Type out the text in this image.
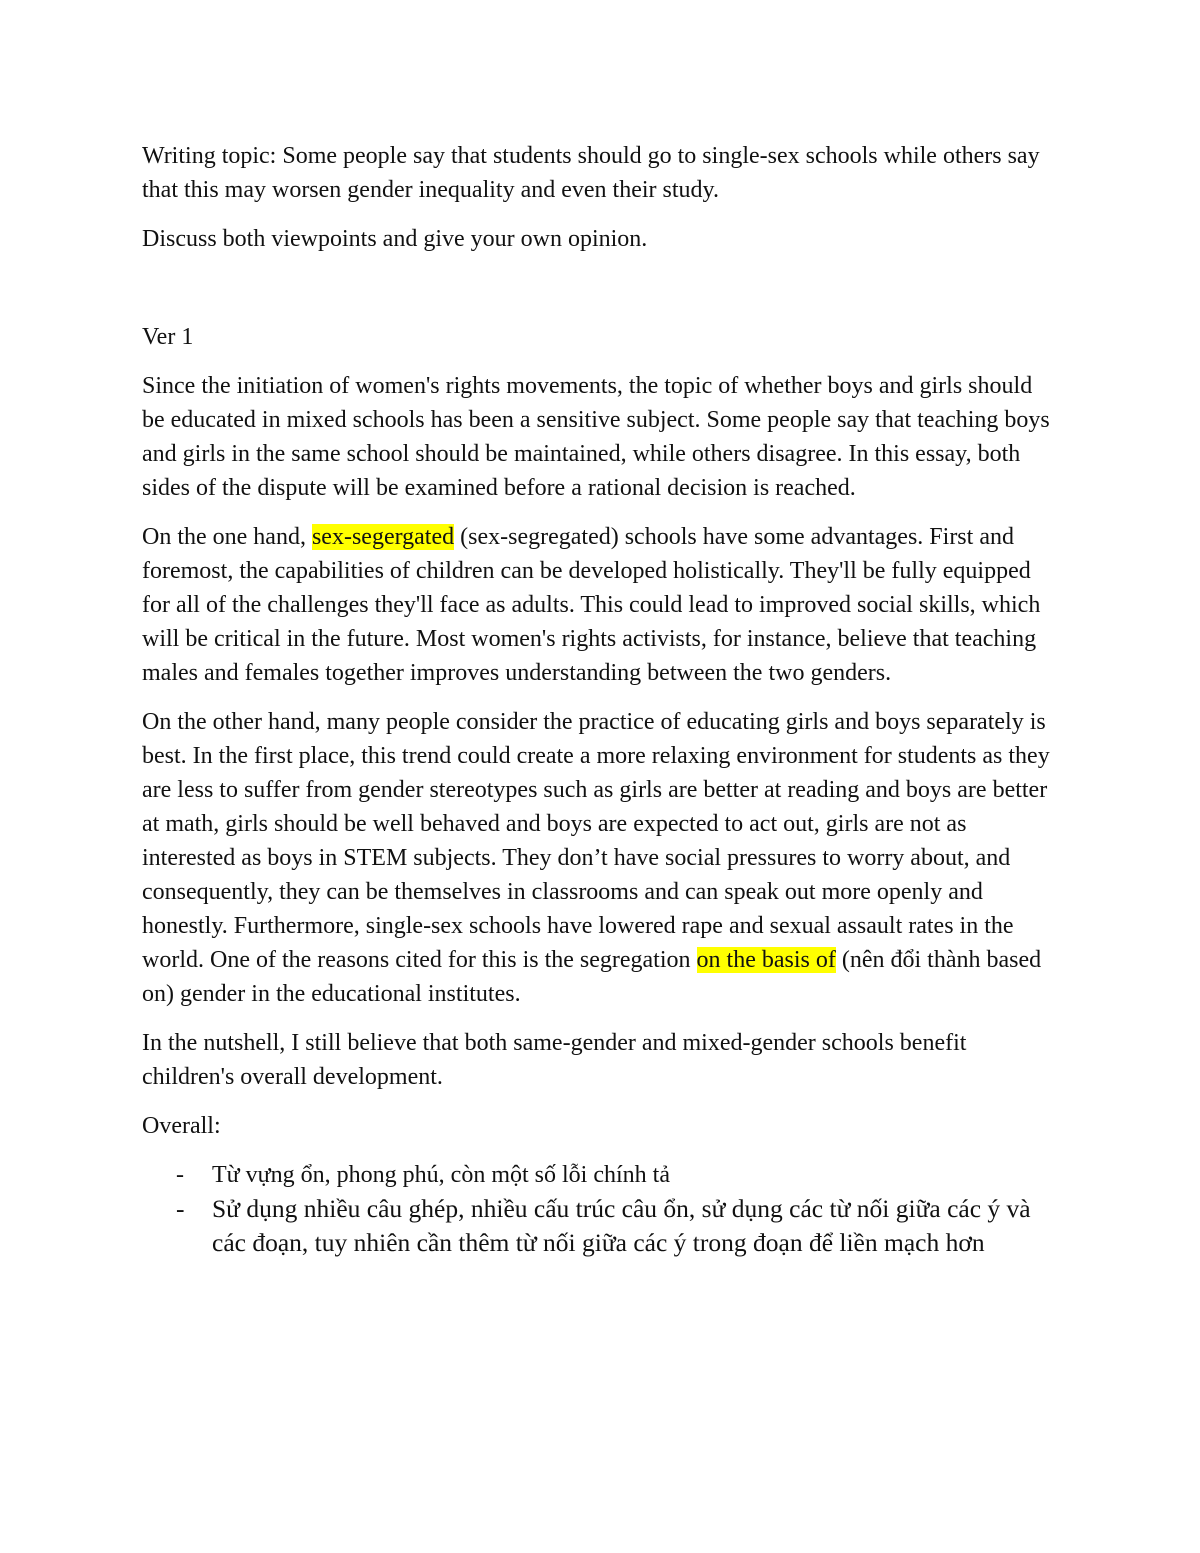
Writing topic: Some people say that students should go to single-sex schools while others say that this may worsen gender inequality and even their study.

Discuss both viewpoints and give your own opinion.

Ver 1

Since the initiation of women's rights movements, the topic of whether boys and girls should be educated in mixed schools has been a sensitive subject. Some people say that teaching boys and girls in the same school should be maintained, while others disagree. In this essay, both sides of the dispute will be examined before a rational decision is reached.

On the one hand, sex-segergated (sex-segregated) schools have some advantages. First and foremost, the capabilities of children can be developed holistically. They'll be fully equipped for all of the challenges they'll face as adults. This could lead to improved social skills, which will be critical in the future. Most women's rights activists, for instance, believe that teaching males and females together improves understanding between the two genders.

On the other hand, many people consider the practice of educating girls and boys separately is best. In the first place, this trend could create a more relaxing environment for students as they are less to suffer from gender stereotypes such as girls are better at reading and boys are better at math, girls should be well behaved and boys are expected to act out, girls are not as interested as boys in STEM subjects. They don’t have social pressures to worry about, and consequently, they can be themselves in classrooms and can speak out more openly and honestly. Furthermore, single-sex schools have lowered rape and sexual assault rates in the world. One of the reasons cited for this is the segregation on the basis of (nên đổi thành based on) gender in the educational institutes.

In the nutshell, I still believe that both same-gender and mixed-gender schools benefit children's overall development.

Overall:

- Từ vựng ổn, phong phú, còn một số lỗi chính tả
- Sử dụng nhiều câu ghép, nhiều cấu trúc câu ổn, sử dụng các từ nối giữa các ý và các đoạn, tuy nhiên cần thêm từ nối giữa các ý trong đoạn để liền mạch hơn
